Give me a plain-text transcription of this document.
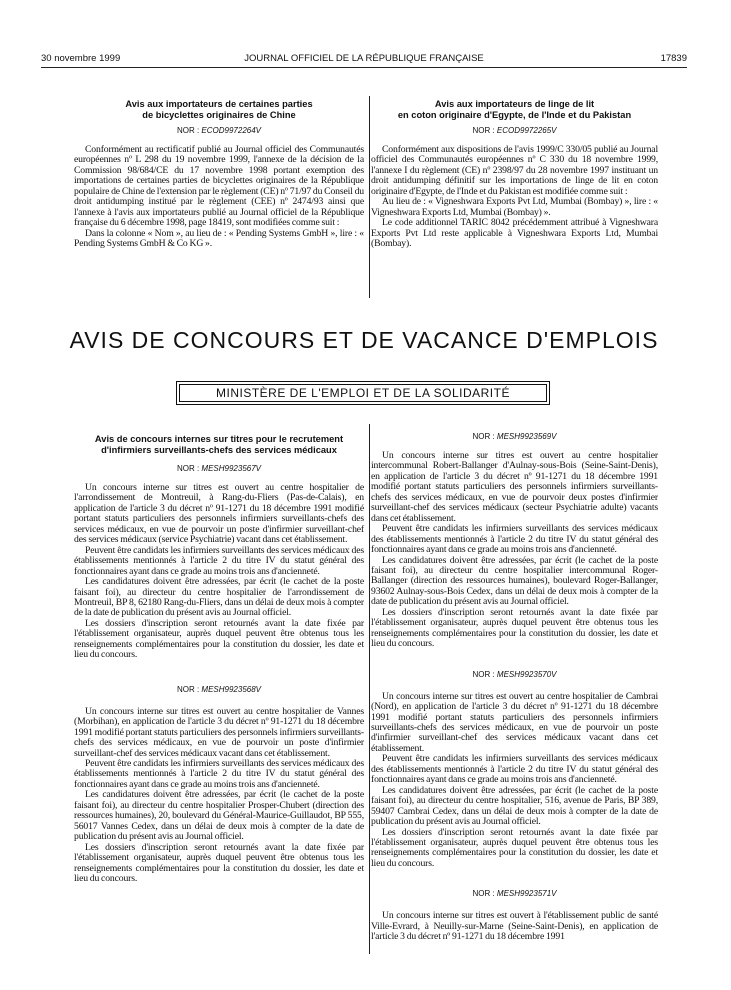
30 novembre 1999	JOURNAL OFFICIEL DE LA RÉPUBLIQUE FRANÇAISE	17839

Avis aux importateurs de certaines parties
de bicyclettes originaires de Chine

NOR : ECOD9972264V

Conformément au rectificatif publié au Journal officiel des Communautés européennes nº L 298 du 19 novembre 1999, l'annexe de la décision de la Commission 98/684/CE du 17 novembre 1998 portant exemption des importations de certaines parties de bicyclettes originaires de la République populaire de Chine de l'extension par le règlement (CE) nº 71/97 du Conseil du droit antidumping institué par le règlement (CEE) nº 2474/93 ainsi que l'annexe à l'avis aux importateurs publié au Journal officiel de la République française du 6 décembre 1998, page 18419, sont modifiées comme suit :

Dans la colonne « Nom », au lieu de : « Pending Systems GmbH », lire : « Pending Systems GmbH & Co KG ».

Avis aux importateurs de linge de lit
en coton originaire d'Egypte, de l'Inde et du Pakistan

NOR : ECOD9972265V

Conformément aux dispositions de l'avis 1999/C 330/05 publié au Journal officiel des Communautés européennes nº C 330 du 18 novembre 1999, l'annexe I du règlement (CE) nº 2398/97 du 28 novembre 1997 instituant un droit antidumping définitif sur les importations de linge de lit en coton originaire d'Egypte, de l'Inde et du Pakistan est modifiée comme suit :

Au lieu de : « Vigneshwara Exports Pvt Ltd, Mumbai (Bombay) », lire : « Vigneshwara Exports Ltd, Mumbai (Bombay) ».

Le code additionnel TARIC 8042 précédemment attribué à Vigneshwara Exports Pvt Ltd reste applicable à Vigneshwara Exports Ltd, Mumbai (Bombay).

AVIS DE CONCOURS ET DE VACANCE D'EMPLOIS

MINISTÈRE DE L'EMPLOI ET DE LA SOLIDARITÉ

Avis de concours internes sur titres pour le recrutement
d'infirmiers surveillants-chefs des services médicaux

NOR : MESH9923567V

Un concours interne sur titres est ouvert au centre hospitalier de l'arrondissement de Montreuil, à Rang-du-Fliers (Pas-de-Calais), en application de l'article 3 du décret nº 91-1271 du 18 décembre 1991 modifié portant statuts particuliers des personnels infirmiers surveillants-chefs des services médicaux, en vue de pourvoir un poste d'infirmier surveillant-chef des services médicaux (service Psychiatrie) vacant dans cet établissement.

Peuvent être candidats les infirmiers surveillants des services médicaux des établissements mentionnés à l'article 2 du titre IV du statut général des fonctionnaires ayant dans ce grade au moins trois ans d'ancienneté.

Les candidatures doivent être adressées, par écrit (le cachet de la poste faisant foi), au directeur du centre hospitalier de l'arrondissement de Montreuil, BP 8, 62180 Rang-du-Fliers, dans un délai de deux mois à compter de la date de publication du présent avis au Journal officiel.

Les dossiers d'inscription seront retournés avant la date fixée par l'établissement organisateur, auprès duquel peuvent être obtenus tous les renseignements complémentaires pour la constitution du dossier, les date et lieu du concours.

NOR : MESH9923568V

Un concours interne sur titres est ouvert au centre hospitalier de Vannes (Morbihan), en application de l'article 3 du décret nº 91-1271 du 18 décembre 1991 modifié portant statuts particuliers des personnels infirmiers surveillants-chefs des services médicaux, en vue de pourvoir un poste d'infirmier surveillant-chef des services médicaux vacant dans cet établissement.

Peuvent être candidats les infirmiers surveillants des services médicaux des établissements mentionnés à l'article 2 du titre IV du statut général des fonctionnaires ayant dans ce grade au moins trois ans d'ancienneté.

Les candidatures doivent être adressées, par écrit (le cachet de la poste faisant foi), au directeur du centre hospitalier Prosper-Chubert (direction des ressources humaines), 20, boulevard du Général-Maurice-Guillaudot, BP 555, 56017 Vannes Cedex, dans un délai de deux mois à compter de la date de publication du présent avis au Journal officiel.

Les dossiers d'inscription seront retournés avant la date fixée par l'établissement organisateur, auprès duquel peuvent être obtenus tous les renseignements complémentaires pour la constitution du dossier, les date et lieu du concours.

NOR : MESH9923569V

Un concours interne sur titres est ouvert au centre hospitalier intercommunal Robert-Ballanger d'Aulnay-sous-Bois (Seine-Saint-Denis), en application de l'article 3 du décret nº 91-1271 du 18 décembre 1991 modifié portant statuts particuliers des personnels infirmiers surveillants-chefs des services médicaux, en vue de pourvoir deux postes d'infirmier surveillant-chef des services médicaux (secteur Psychiatrie adulte) vacants dans cet établissement.

Peuvent être candidats les infirmiers surveillants des services médicaux des établissements mentionnés à l'article 2 du titre IV du statut général des fonctionnaires ayant dans ce grade au moins trois ans d'ancienneté.

Les candidatures doivent être adressées, par écrit (le cachet de la poste faisant foi), au directeur du centre hospitalier intercommunal Roger-Ballanger (direction des ressources humaines), boulevard Roger-Ballanger, 93602 Aulnay-sous-Bois Cedex, dans un délai de deux mois à compter de la date de publication du présent avis au Journal officiel.

Les dossiers d'inscription seront retournés avant la date fixée par l'établissement organisateur, auprès duquel peuvent être obtenus tous les renseignements complémentaires pour la constitution du dossier, les date et lieu du concours.

NOR : MESH9923570V

Un concours interne sur titres est ouvert au centre hospitalier de Cambrai (Nord), en application de l'article 3 du décret nº 91-1271 du 18 décembre 1991 modifié portant statuts particuliers des personnels infirmiers surveillants-chefs des services médicaux, en vue de pourvoir un poste d'infirmier surveillant-chef des services médicaux vacant dans cet établissement.

Peuvent être candidats les infirmiers surveillants des services médicaux des établissements mentionnés à l'article 2 du titre IV du statut général des fonctionnaires ayant dans ce grade au moins trois ans d'ancienneté.

Les candidatures doivent être adressées, par écrit (le cachet de la poste faisant foi), au directeur du centre hospitalier, 516, avenue de Paris, BP 389, 59407 Cambrai Cedex, dans un délai de deux mois à compter de la date de publication du présent avis au Journal officiel.

Les dossiers d'inscription seront retournés avant la date fixée par l'établissement organisateur, auprès duquel peuvent être obtenus tous les renseignements complémentaires pour la constitution du dossier, les date et lieu du concours.

NOR : MESH9923571V

Un concours interne sur titres est ouvert à l'établissement public de santé Ville-Evrard, à Neuilly-sur-Marne (Seine-Saint-Denis), en application de l'article 3 du décret nº 91-1271 du 18 décembre 1991
